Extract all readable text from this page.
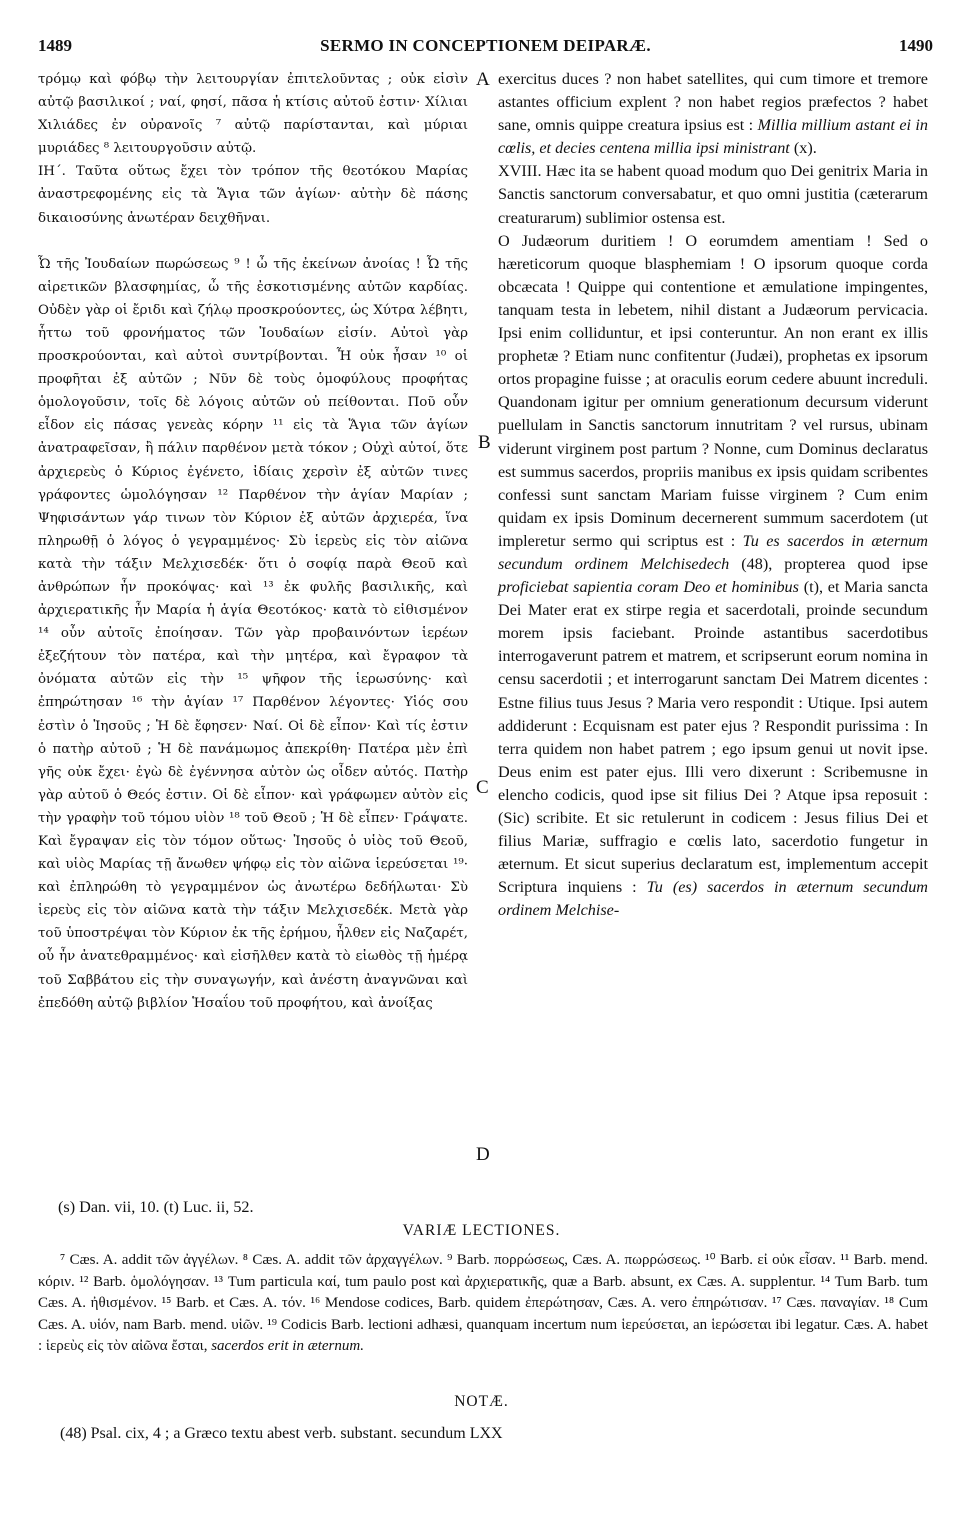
1489	SERMO IN CONCEPTIONEM DEIPARÆ.	1490

τρόμῳ καὶ φόβῳ τὴν λειτουργίαν ἐπιτελοῦντας ; οὐκ εἰσὶν αὐτῷ βασιλικοί ; ναί, φησί, πᾶσα ἡ κτίσις αὐτοῦ ἐστιν· Χίλιαι Χιλιάδες ἐν οὐρανοῖς ⁷ αὐτῷ παρίστανται, καὶ μύριαι μυριάδες ⁸ λειτουργοῦσιν αὐτῷ.

ΙΗ΄. Ταῦτα οὕτως ἔχει τὸν τρόπον τῆς θεοτόκου Μαρίας ἀναστρεφομένης εἰς τὰ Ἅγια τῶν ἁγίων· αὐτὴν δὲ πάσης δικαιοσύνης ἀνωτέραν δειχθῆναι.

Ὦ τῆς Ἰουδαίων πωρώσεως ⁹ ! ὦ τῆς ἐκείνων ἀνοίας ! Ὦ τῆς αἱρετικῶν βλασφημίας, ὦ τῆς ἐσκοτισμένης αὐτῶν καρδίας. Οὐδὲν γὰρ οἱ ἔριδι καὶ ζήλῳ προσκρούοντες, ὡς Χύτρα λέβητι, ἧττω τοῦ φρονήματος τῶν Ἰουδαίων εἰσίν. Αὐτοὶ γὰρ προσκρούονται, καὶ αὐτοὶ συντρίβονται. Ἦ οὐκ ἦσαν ¹⁰ οἱ προφῆται ἐξ αὐτῶν ; Νῦν δὲ τοὺς ὁμοφύλους προφήτας ὁμολογοῦσιν, τοῖς δὲ λόγοις αὐτῶν οὐ πείθονται. Ποῦ οὖν εἶδον εἰς πάσας γενεὰς κόρην ¹¹ εἰς τὰ Ἅγια τῶν ἁγίων ἀνατραφεῖσαν, ἢ πάλιν παρθένον μετὰ τόκον ; Οὐχὶ αὐτοί, ὅτε ἀρχιερεὺς ὁ Κύριος ἐγένετο, ἰδίαις χερσὶν ἐξ αὐτῶν τινες γράφοντες ὡμολόγησαν ¹² Παρθένον τὴν ἁγίαν Μαρίαν ; Ψηφισάντων γάρ τινων τὸν Κύριον ἐξ αὐτῶν ἀρχιερέα, ἵνα πληρωθῇ ὁ λόγος ὁ γεγραμμένος· Σὺ ἱερεὺς εἰς τὸν αἰῶνα κατὰ τὴν τάξιν Μελχισεδέκ· ὅτι ὁ σοφίᾳ παρὰ Θεοῦ καὶ ἀνθρώπων ἦν προκόψας· καὶ ¹³ ἐκ φυλῆς βασιλικῆς, καὶ ἀρχιερατικῆς ἦν Μαρία ἡ ἁγία Θεοτόκος· κατὰ τὸ εἰθισμένον ¹⁴ οὖν αὐτοῖς ἐποίησαν. Τῶν γὰρ προβαινόντων ἱερέων ἐξεζήτουν τὸν πατέρα, καὶ τὴν μητέρα, καὶ ἔγραφον τὰ ὀνόματα αὐτῶν εἰς τὴν ¹⁵ ψῆφον τῆς ἱερωσύνης· καὶ ἐπηρώτησαν ¹⁶ τὴν ἁγίαν ¹⁷ Παρθένον λέγοντες· Υἱός σου ἐστὶν ὁ Ἰησοῦς ; Ἡ δὲ ἔφησεν· Ναί. Οἱ δὲ εἶπον· Καὶ τίς ἐστιν ὁ πατὴρ αὐτοῦ ; Ἡ δὲ πανάμωμος ἀπεκρίθη· Πατέρα μὲν ἐπὶ γῆς οὐκ ἔχει· ἐγὼ δὲ ἐγέννησα αὐτὸν ὡς οἶδεν αὐτός. Πατὴρ γὰρ αὐτοῦ ὁ Θεός ἐστιν. Οἱ δὲ εἶπον· καὶ γράφωμεν αὐτὸν εἰς τὴν γραφὴν τοῦ τόμου υἱὸν ¹⁸ τοῦ Θεοῦ ; Ἡ δὲ εἶπεν· Γράψατε. Καὶ ἔγραψαν εἰς τὸν τόμον οὕτως· Ἰησοῦς ὁ υἱὸς τοῦ Θεοῦ, καὶ υἱὸς Μαρίας τῇ ἄνωθεν ψήφῳ εἰς τὸν αἰῶνα ἱερεύσεται ¹⁹· καὶ ἐπληρώθη τὸ γεγραμμένον ὡς ἀνωτέρω δεδήλωται· Σὺ ἱερεὺς εἰς τὸν αἰῶνα κατὰ τὴν τάξιν Μελχισεδέκ. Μετὰ γὰρ τοῦ ὑποστρέψαι τὸν Κύριον ἐκ τῆς ἐρήμου, ἦλθεν εἰς Ναζαρέτ, οὗ ἦν ἀνατεθραμμένος· καὶ εἰσῆλθεν κατὰ τὸ εἰωθὸς τῇ ἡμέρᾳ τοῦ Σαββάτου εἰς τὴν συναγωγήν, καὶ ἀνέστη ἀναγνῶναι καὶ ἐπεδόθη αὐτῷ βιβλίον Ἡσαΐου τοῦ προφήτου, καὶ ἀνοίξας

A
B
C
D

exercitus duces ? non habet satellites, qui cum timore et tremore astantes officium explent ? non habet regios præfectos ? habet sane, omnis quippe creatura ipsius est : Millia millium astant ei in cœlis, et decies centena millia ipsi ministrant (x).

XVIII. Hæc ita se habent quoad modum quo Dei genitrix Maria in Sanctis sanctorum conversabatur, et quo omni justitia (cæterarum creaturarum) sublimior ostensa est.

O Judæorum duritiem ! O eorumdem amentiam ! Sed o hæreticorum quoque blasphemiam ! O ipsorum quoque corda obcæcata ! Quippe qui contentione et æmulatione impingentes, tanquam testa in lebetem, nihil distant a Judæorum pervicacia. Ipsi enim colliduntur, et ipsi conteruntur. An non erant ex illis prophetæ ? Etiam nunc confitentur (Judæi), prophetas ex ipsorum ortos propagine fuisse ; at oraculis eorum cedere abuunt increduli. Quandonam igitur per omnium generationum decursum viderunt puellulam in Sanctis sanctorum innutritam ? vel rursus, ubinam viderunt virginem post partum ? Nonne, cum Dominus declaratus est summus sacerdos, propriis manibus ex ipsis quidam scribentes confessi sunt sanctam Mariam fuisse virginem ? Cum enim quidam ex ipsis Dominum decernerent summum sacerdotem (ut impleretur sermo qui scriptus est : Tu es sacerdos in æternum secundum ordinem Melchisedech (48), propterea quod ipse proficiebat sapientia coram Deo et hominibus (t), et Maria sancta Dei Mater erat ex stirpe regia et sacerdotali, proinde secundum morem ipsis faciebant. Proinde astantibus sacerdotibus interrogaverunt patrem et matrem, et scripserunt eorum nomina in censu sacerdotii ; et interrogarunt sanctam Dei Matrem dicentes : Estne filius tuus Jesus ? Maria vero respondit : Utique. Ipsi autem addiderunt : Ecquisnam est pater ejus ? Respondit purissima : In terra quidem non habet patrem ; ego ipsum genui ut novit ipse. Deus enim est pater ejus. Illi vero dixerunt : Scribemusne in elencho codicis, quod ipse sit filius Dei ? Atque ipsa reposuit : (Sic) scribite. Et sic retulerunt in codicem : Jesus filius Dei et filius Mariæ, suffragio e cœlis lato, sacerdotio fungetur in æternum. Et sicut superius declaratum est, implementum accepit Scriptura inquiens : Tu (es) sacerdos in æternum secundum ordinem Melchise-

(s) Dan. vii, 10. (t) Luc. ii, 52.
VARIÆ LECTIONES.

⁷ Cæs. A. addit τῶν ἀγγέλων. ⁸ Cæs. A. addit τῶν ἀρχαγγέλων. ⁹ Barb. πορρώσεως, Cæs. A. πωρρώσεως. ¹⁰ Barb. εἰ οὐκ εἶσαν. ¹¹ Barb. mend. κόριν. ¹² Barb. ὁμολόγησαν. ¹³ Tum particula καί, tum paulo post καὶ ἀρχιερατικῆς, quæ a Barb. absunt, ex Cæs. A. supplentur. ¹⁴ Tum Barb. tum Cæs. A. ἠθισμένον. ¹⁵ Barb. et Cæs. A. τόν. ¹⁶ Mendose codices, Barb. quidem ἐπερώτησαν, Cæs. A. vero ἐπηρώτισαν. ¹⁷ Cæs. παναγίαν. ¹⁸ Cum Cæs. A. υἱόν, nam Barb. mend. υἱῶν. ¹⁹ Codicis Barb. lectioni adhæsi, quanquam incertum num ἱερεύσεται, an ἱερώσεται ibi legatur. Cæs. A. habet : ἱερεὺς εἰς τὸν αἰῶνα ἔσται, sacerdos erit in æternum.

NOTÆ.
(48) Psal. cix, 4 ; a Græco textu abest verb. substant. secundum LXX
